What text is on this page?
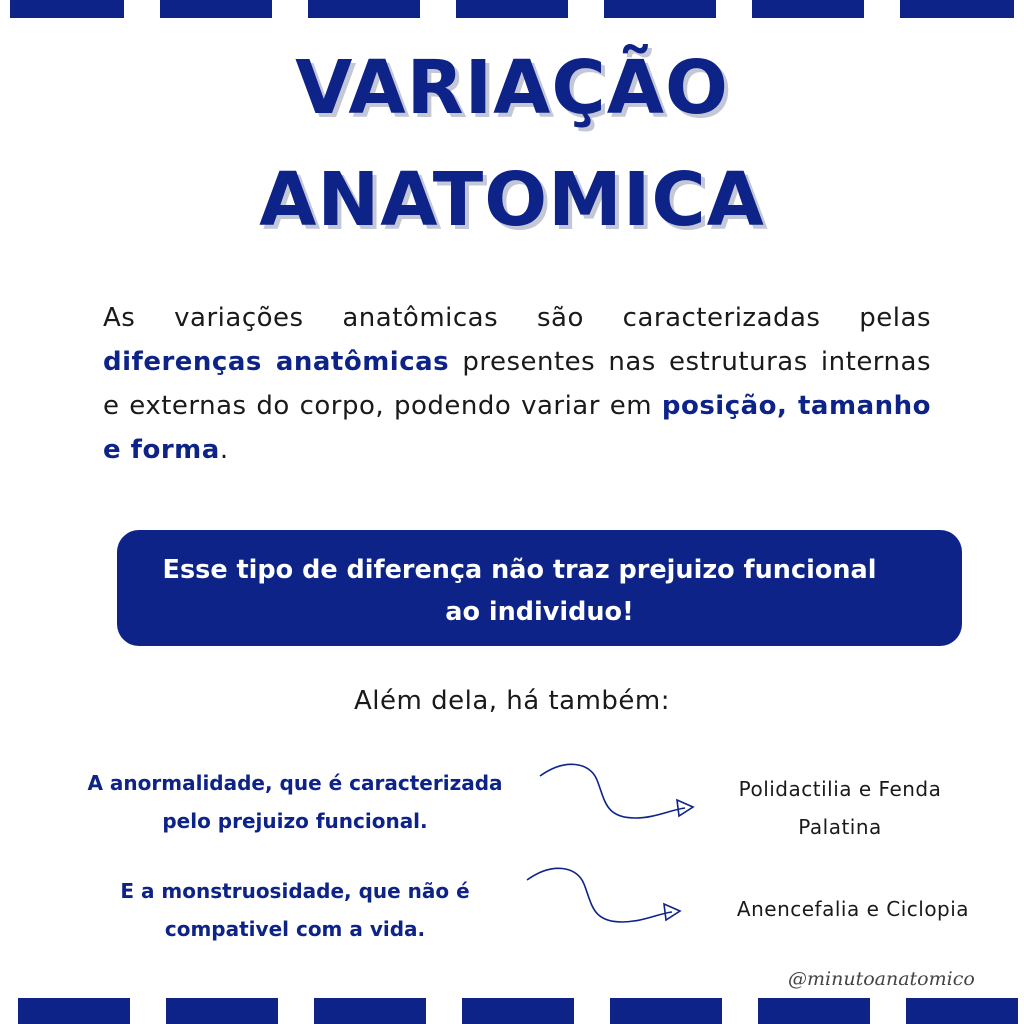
VARIAÇÃO
ANATOMICA
As variações anatômicas são caracterizadas pelas diferenças anatômicas presentes nas estruturas internas e externas do corpo, podendo variar em posição, tamanho e forma.
Esse tipo de diferença não traz prejuizo funcional
ao individuo!
Além dela, há também:
A anormalidade, que é caracterizada
pelo prejuizo funcional.
Polidactilia e Fenda
Palatina
E a monstruosidade, que não é
compativel com a vida.
Anencefalia e Ciclopia
@minutoanatomico
